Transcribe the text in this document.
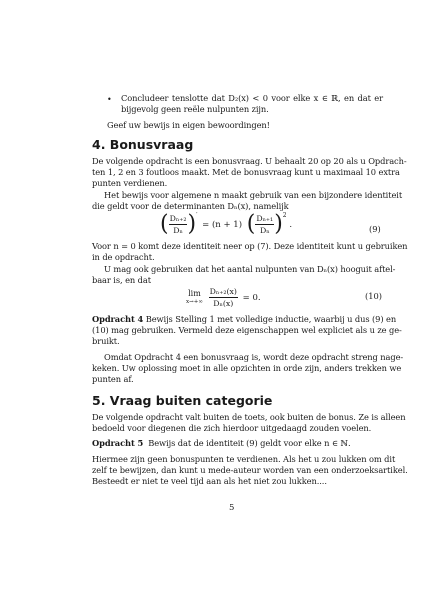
• Concludeer tenslotte dat D₂(x) < 0 voor elke x ∈ ℝ, en dat er
bijgevolg geen reële nulpunten zijn.
Geef uw bewijs in eigen bewoordingen!
4. Bonusvraag
De volgende opdracht is een bonusvraag. U behaalt 20 op 20 als u Opdrach-
ten 1, 2 en 3 foutloos maakt. Met de bonusvraag kunt u maximaal 10 extra
punten verdienen.
Het bewijs voor algemene n maakt gebruik van een bijzondere identiteit
die geldt voor de determinanten Dₙ(x), namelijk
( $\frac{\text{Dₙ₊₂}}{\text{Dₙ}} )' = (n + 1)$ ( $\frac{\text{Dₙ₊₁}}{\text{Dₙ}} )^2$ .	(9)
Voor n = 0 komt deze identiteit neer op (7). Deze identiteit kunt u gebruiken
in de opdracht.
U mag ook gebruiken dat het aantal nulpunten van Dₙ(x) hooguit aftel-
baar is, en dat
lim
x→+∞
$\frac{\text{Dₙ₊₂(x)}}{\text{Dₙ(x)}} = 0$.	(10)
Opdracht 4 Bewijs Stelling 1 met volledige inductie, waarbij u dus (9) en
(10) mag gebruiken. Vermeld deze eigenschappen wel expliciet als u ze ge-
bruikt.
Omdat Opdracht 4 een bonusvraag is, wordt deze opdracht streng nage-
keken. Uw oplossing moet in alle opzichten in orde zijn, anders trekken we
punten af.
5. Vraag buiten categorie
De volgende opdracht valt buiten de toets, ook buiten de bonus. Ze is alleen
bedoeld voor diegenen die zich hierdoor uitgedaagd zouden voelen.
Opdracht 5 Bewijs dat de identiteit (9) geldt voor elke n ∈ ℕ.
Hiermee zijn geen bonuspunten te verdienen. Als het u zou lukken om dit
zelf te bewijzen, dan kunt u mede-auteur worden van een onderzoeksartikel.
Besteedt er niet te veel tijd aan als het niet zou lukken....
5
